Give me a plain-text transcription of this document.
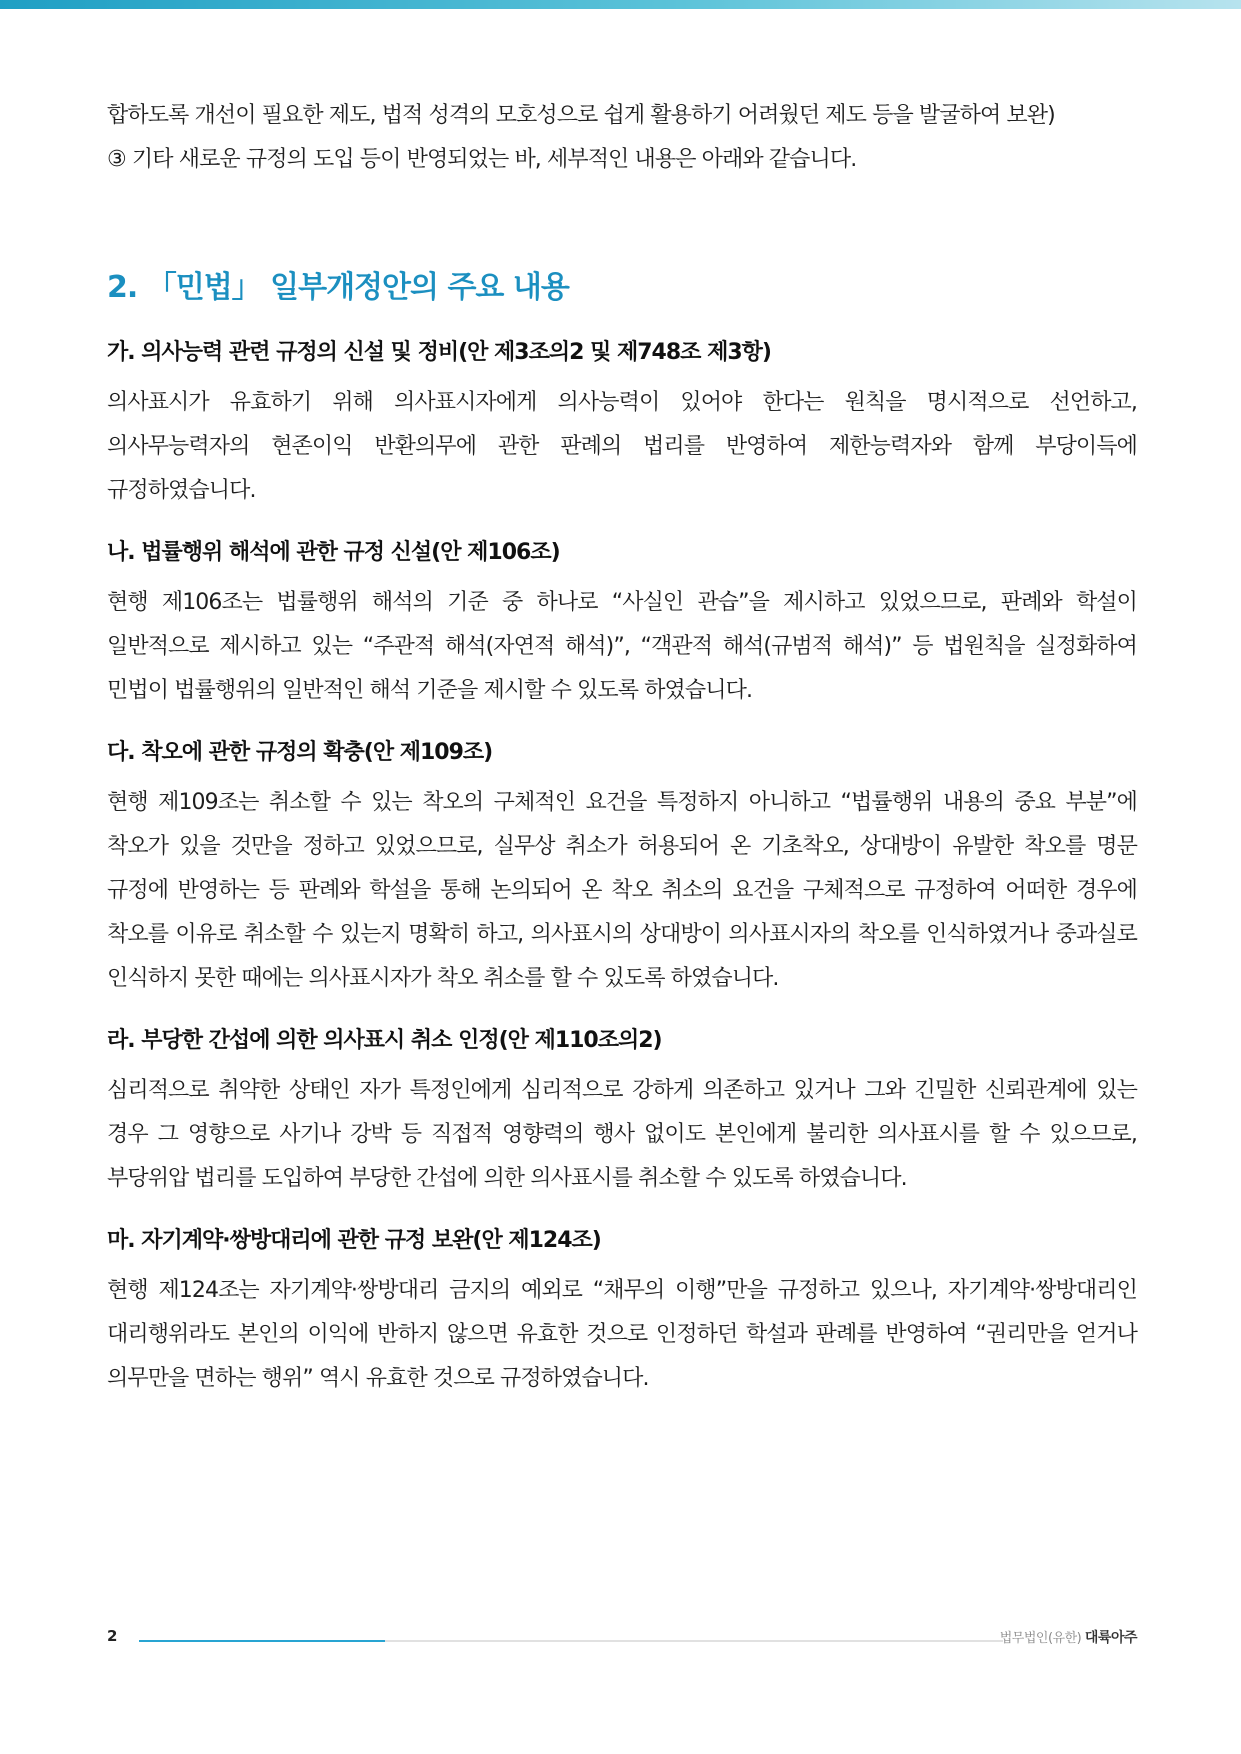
합하도록 개선이 필요한 제도, 법적 성격의 모호성으로 쉽게 활용하기 어려웠던 제도 등을 발굴하여 보완)

③ 기타 새로운 규정의 도입 등이 반영되었는 바, 세부적인 내용은 아래와 같습니다.

2. 「민법」 일부개정안의 주요 내용
가. 의사능력 관련 규정의 신설 및 정비(안 제3조의2 및 제748조 제3항)

의사표시가 유효하기 위해 의사표시자에게 의사능력이 있어야 한다는 원칙을 명시적으로 선언하고, 의사무능력자의 현존이익 반환의무에 관한 판례의 법리를 반영하여 제한능력자와 함께 부당이득에 규정하였습니다.

나. 법률행위 해석에 관한 규정 신설(안 제106조)

현행 제106조는 법률행위 해석의 기준 중 하나로 “사실인 관습”을 제시하고 있었으므로, 판례와 학설이 일반적으로 제시하고 있는 “주관적 해석(자연적 해석)”, “객관적 해석(규범적 해석)” 등 법원칙을 실정화하여 민법이 법률행위의 일반적인 해석 기준을 제시할 수 있도록 하였습니다.

다. 착오에 관한 규정의 확충(안 제109조)

현행 제109조는 취소할 수 있는 착오의 구체적인 요건을 특정하지 아니하고 “법률행위 내용의 중요 부분”에 착오가 있을 것만을 정하고 있었으므로, 실무상 취소가 허용되어 온 기초착오, 상대방이 유발한 착오를 명문 규정에 반영하는 등 판례와 학설을 통해 논의되어 온 착오 취소의 요건을 구체적으로 규정하여 어떠한 경우에 착오를 이유로 취소할 수 있는지 명확히 하고, 의사표시의 상대방이 의사표시자의 착오를 인식하였거나 중과실로 인식하지 못한 때에는 의사표시자가 착오 취소를 할 수 있도록 하였습니다.

라. 부당한 간섭에 의한 의사표시 취소 인정(안 제110조의2)

심리적으로 취약한 상태인 자가 특정인에게 심리적으로 강하게 의존하고 있거나 그와 긴밀한 신뢰관계에 있는 경우 그 영향으로 사기나 강박 등 직접적 영향력의 행사 없이도 본인에게 불리한 의사표시를 할 수 있으므로, 부당위압 법리를 도입하여 부당한 간섭에 의한 의사표시를 취소할 수 있도록 하였습니다.

마. 자기계약·쌍방대리에 관한 규정 보완(안 제124조)

현행 제124조는 자기계약·쌍방대리 금지의 예외로 “채무의 이행”만을 규정하고 있으나, 자기계약·쌍방대리인 대리행위라도 본인의 이익에 반하지 않으면 유효한 것으로 인정하던 학설과 판례를 반영하여 “권리만을 얻거나 의무만을 면하는 행위” 역시 유효한 것으로 규정하였습니다.

2	법무법인(유한) 대륙아주
